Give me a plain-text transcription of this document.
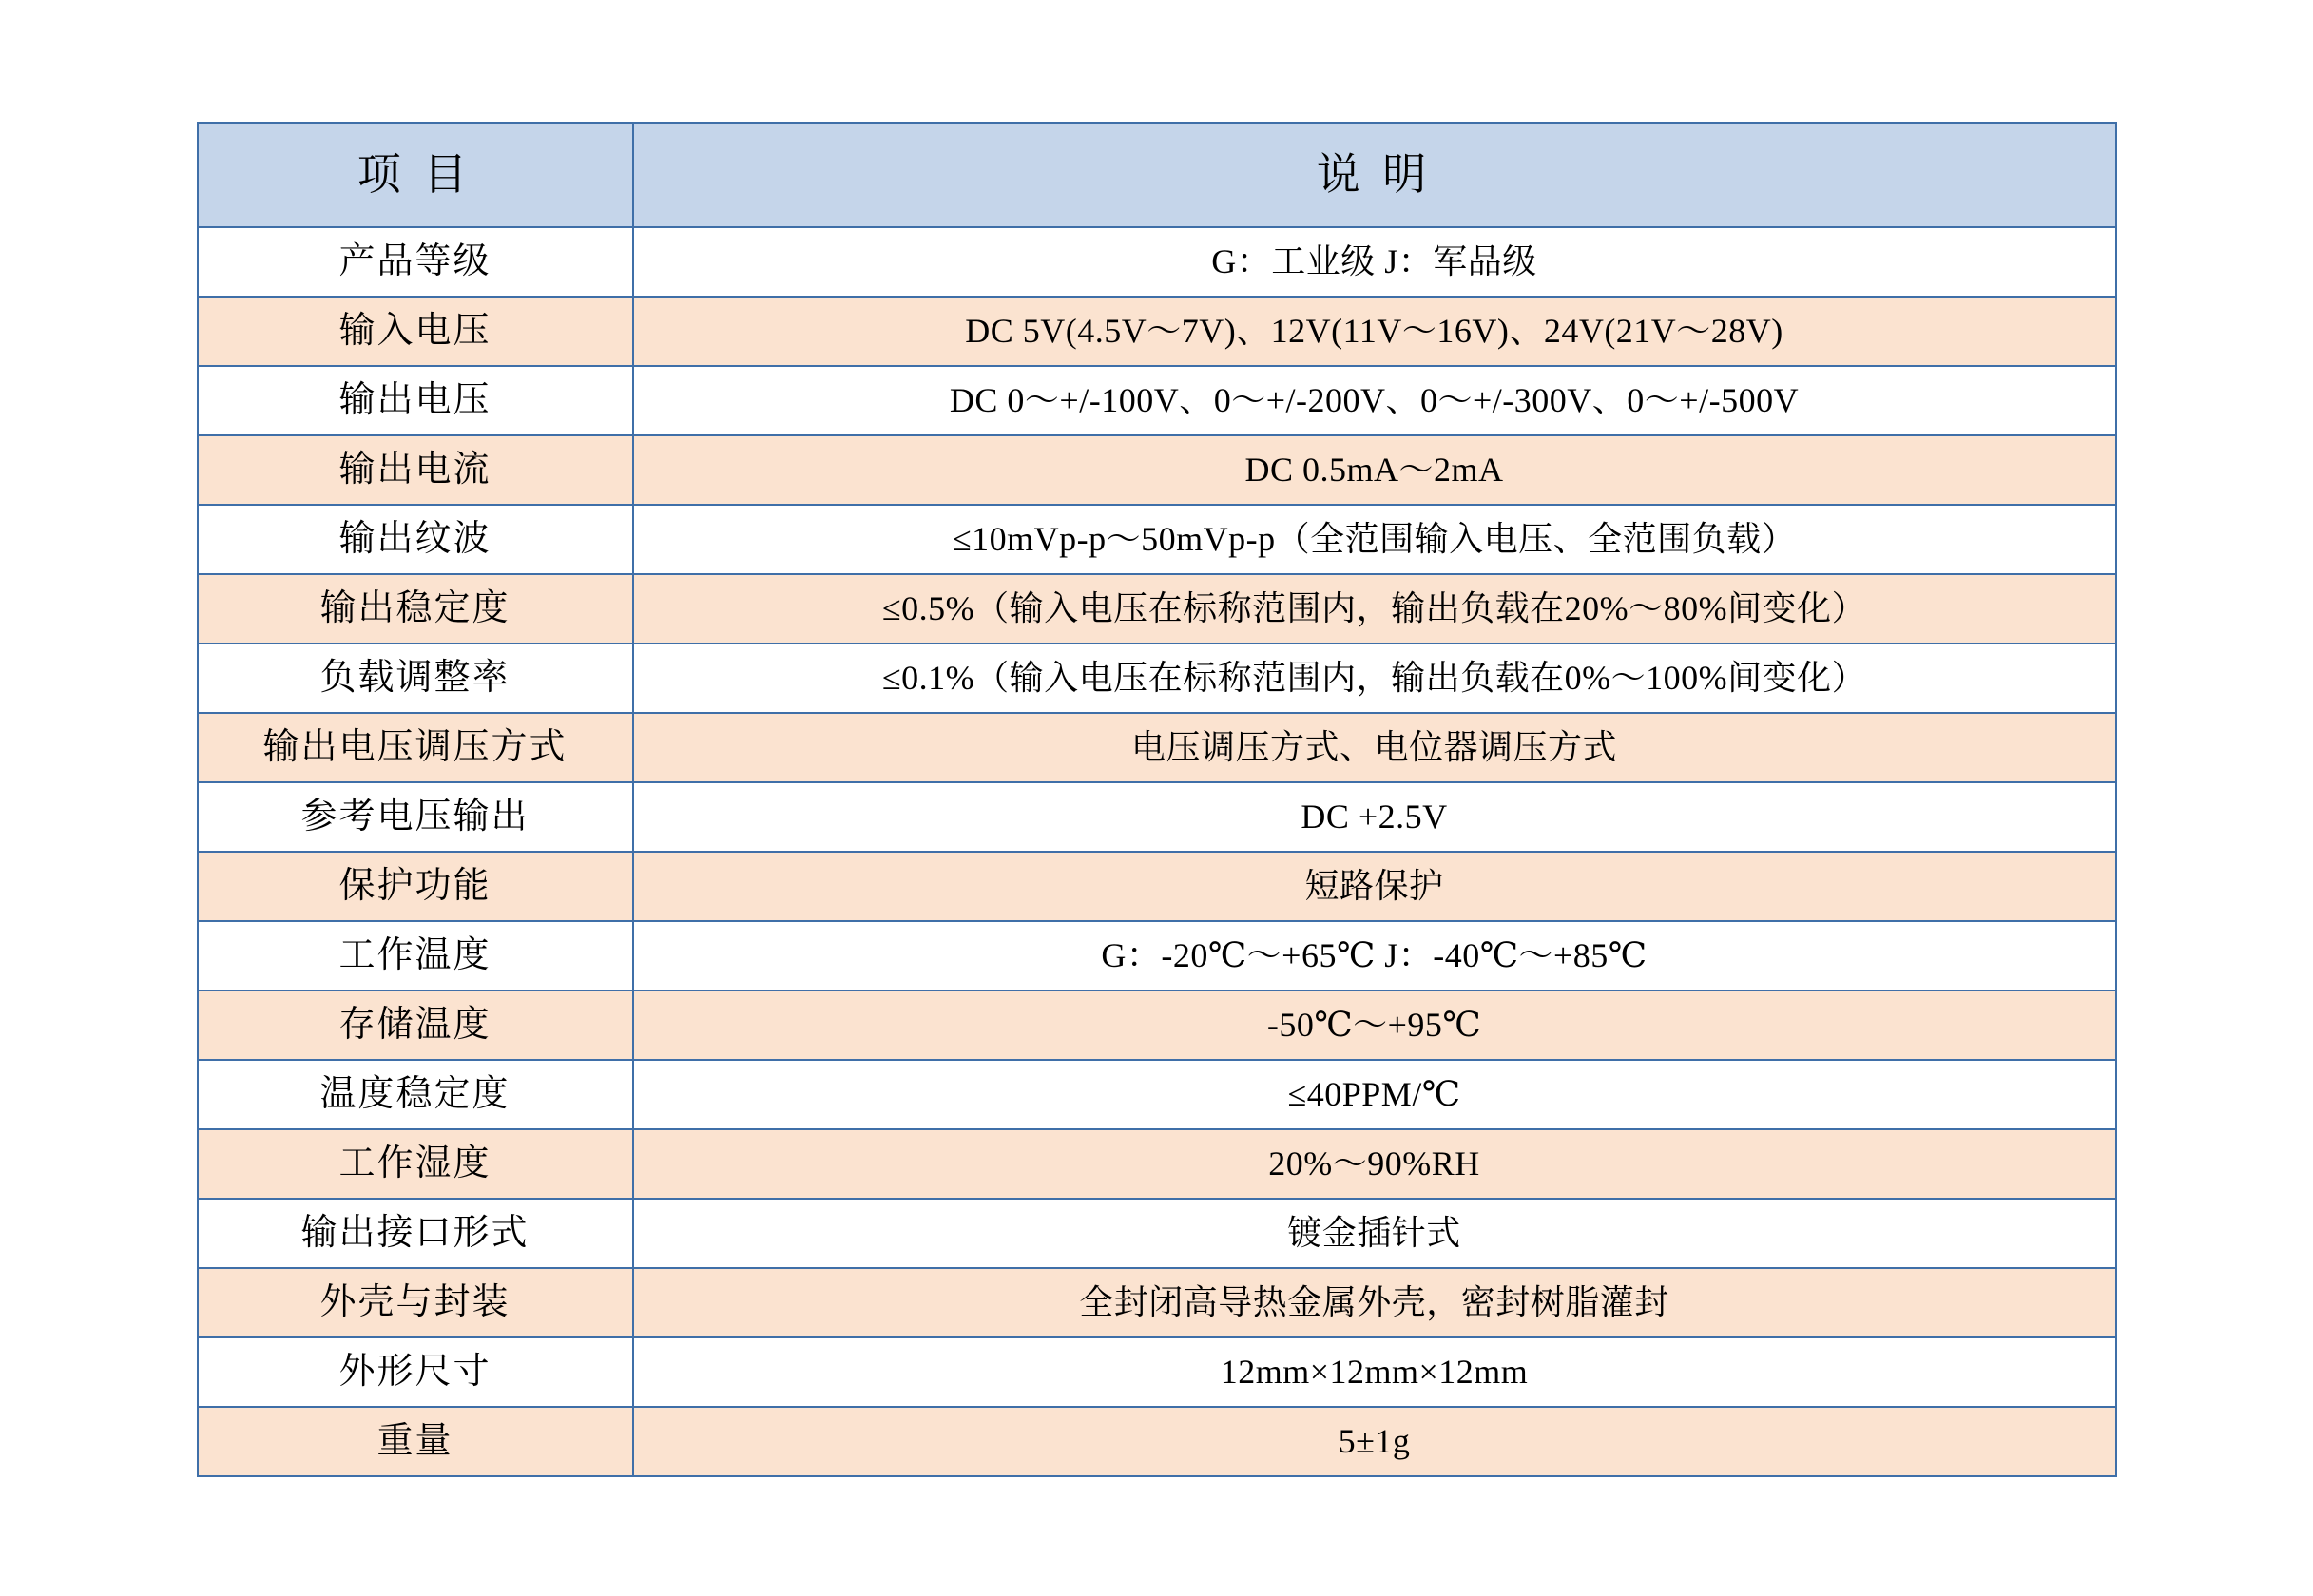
项 目	说 明
产品等级	G：工业级 J：军品级
输入电压	DC 5V(4.5V～7V)、12V(11V～16V)、24V(21V～28V)
输出电压	DC 0～+/-100V、0～+/-200V、0～+/-300V、0～+/-500V
输出电流	DC 0.5mA～2mA
输出纹波	≤10mVp-p～50mVp-p（全范围输入电压、全范围负载）
输出稳定度	≤0.5%（输入电压在标称范围内，输出负载在20%～80%间变化）
负载调整率	≤0.1%（输入电压在标称范围内，输出负载在0%～100%间变化）
输出电压调压方式	电压调压方式、电位器调压方式
参考电压输出	DC +2.5V
保护功能	短路保护
工作温度	G：-20℃～+65℃ J：-40℃～+85℃
存储温度	-50℃～+95℃
温度稳定度	≤40PPM/℃
工作湿度	20%～90%RH
输出接口形式	镀金插针式
外壳与封装	全封闭高导热金属外壳，密封树脂灌封
外形尺寸	12mm×12mm×12mm
重量	5±1g
